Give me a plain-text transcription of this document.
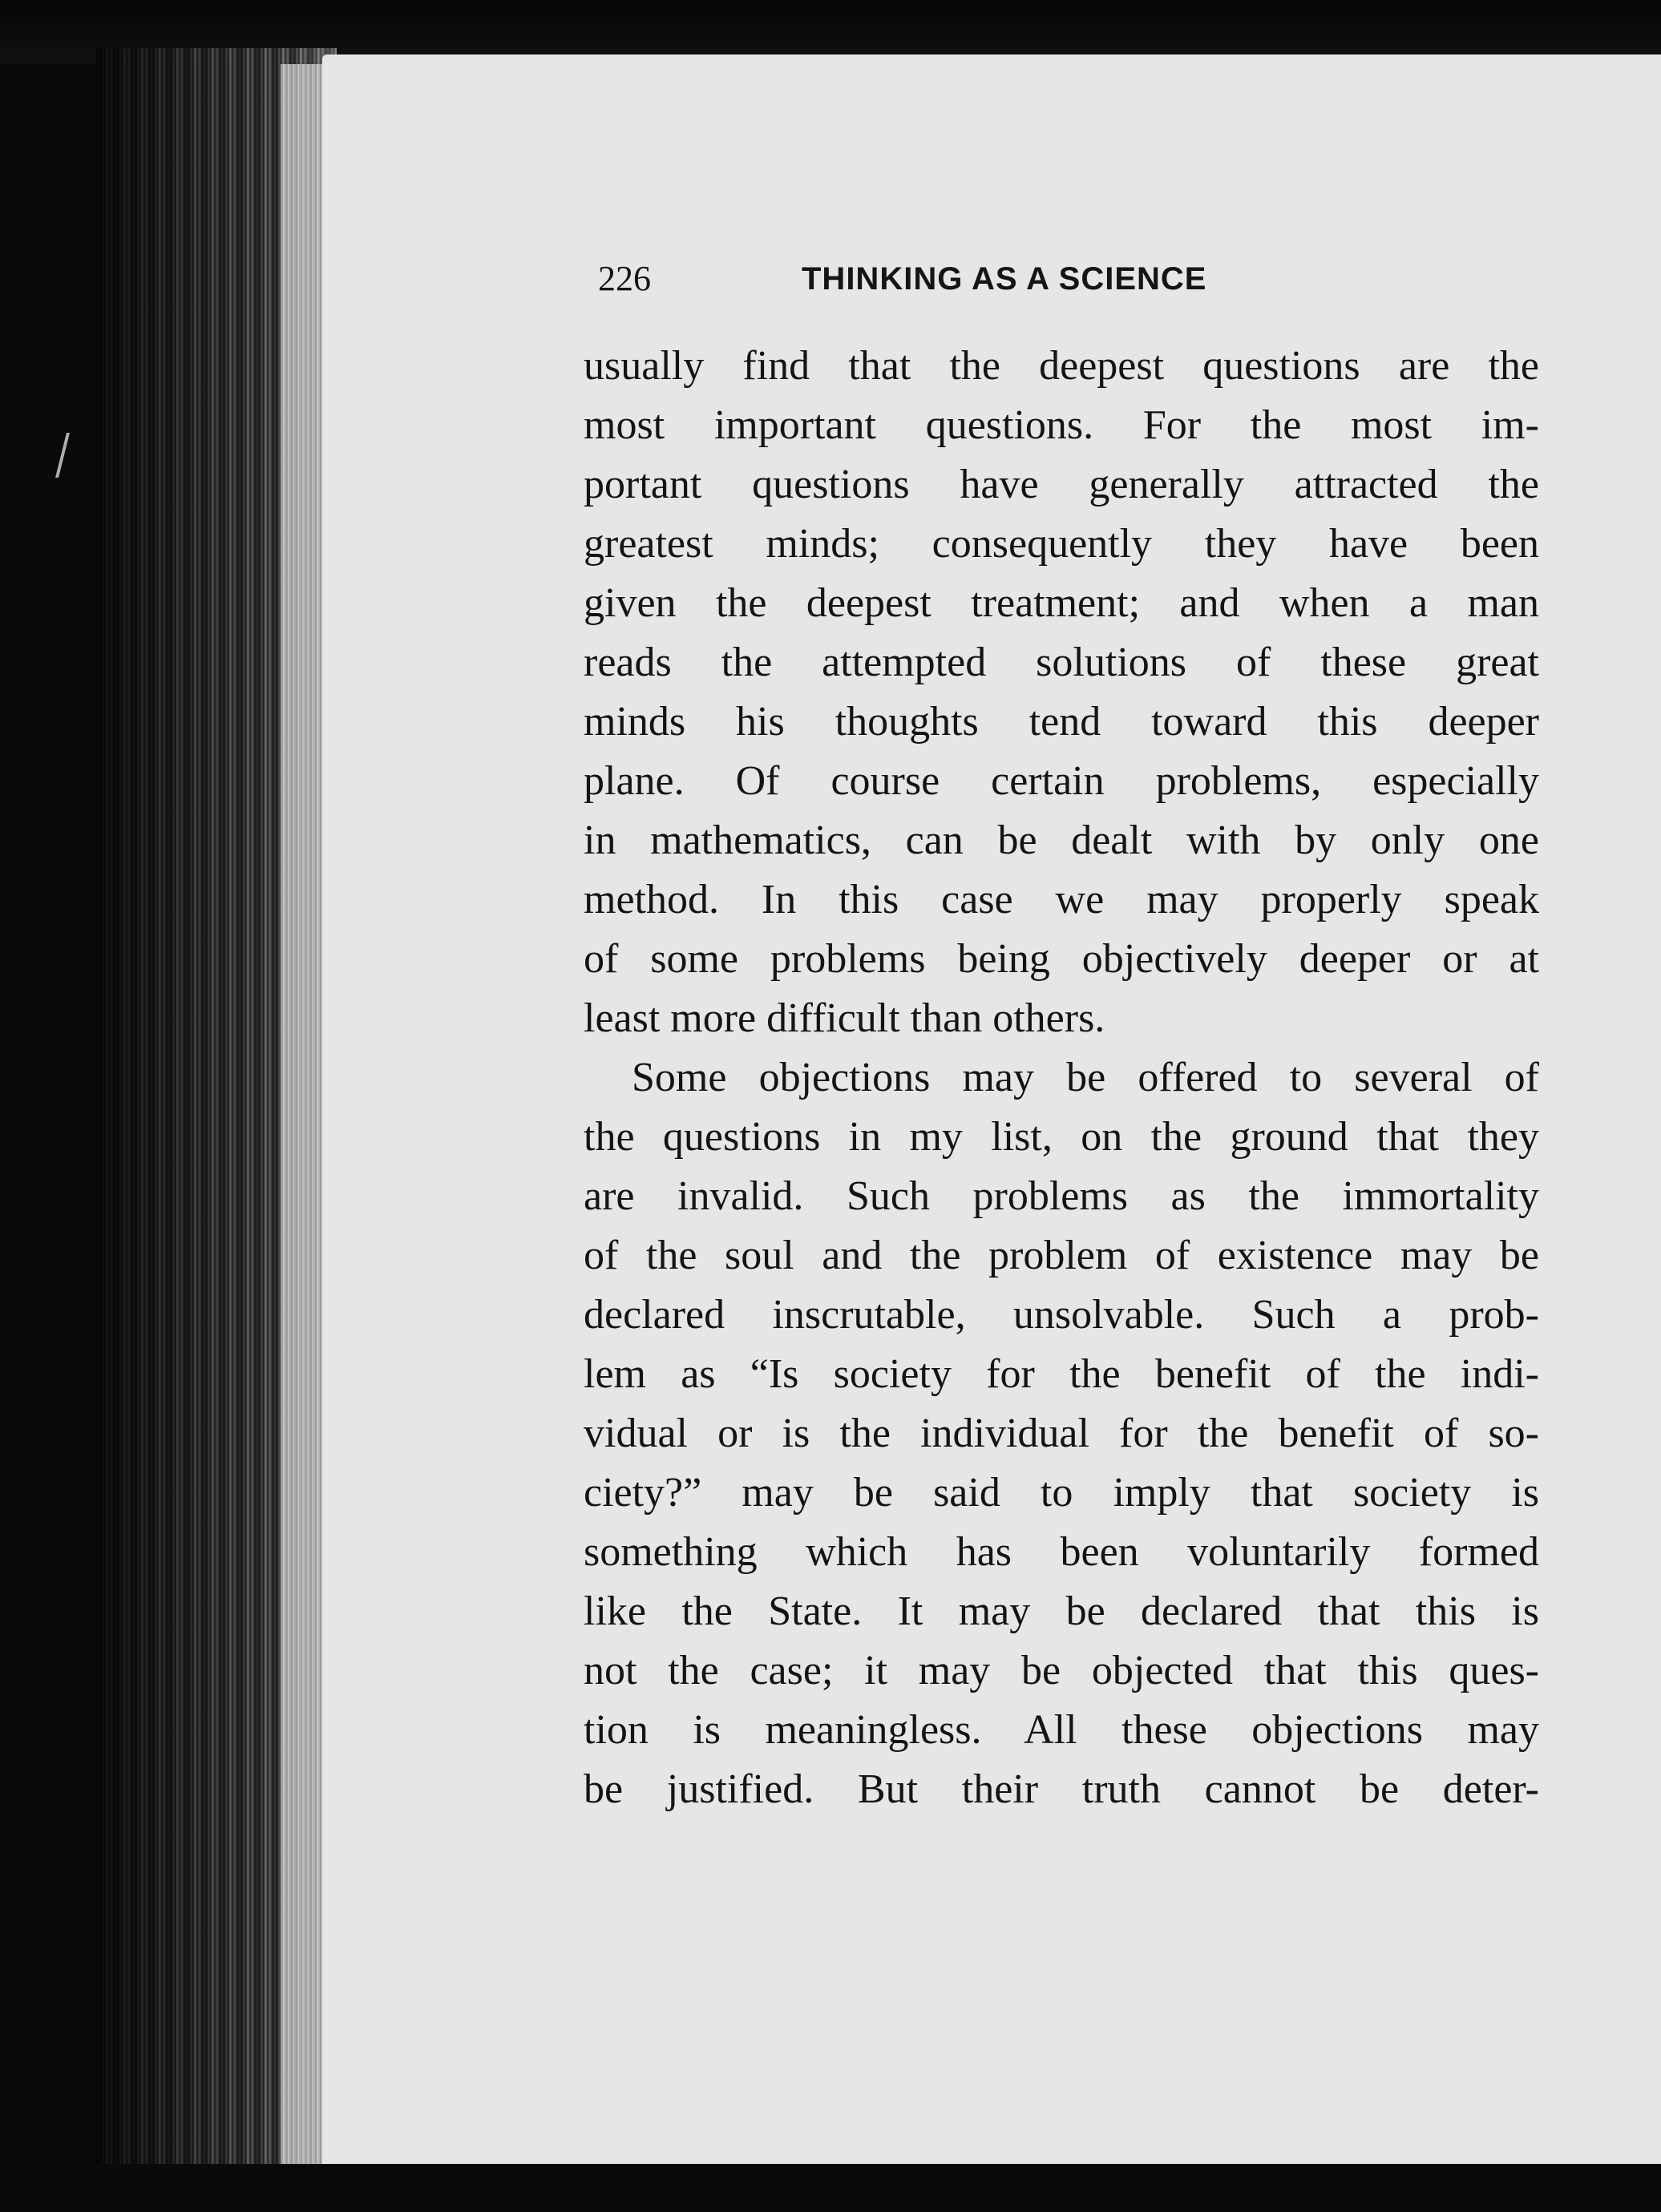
226	THINKING AS A SCIENCE
usually find that the deepest questions are the
most important questions. For the most im-
portant questions have generally attracted the
greatest minds; consequently they have been
given the deepest treatment; and when a man
reads the attempted solutions of these great
minds his thoughts tend toward this deeper
plane. Of course certain problems, especially
in mathematics, can be dealt with by only one
method. In this case we may properly speak
of some problems being objectively deeper or at
least more difficult than others.
Some objections may be offered to several of
the questions in my list, on the ground that they
are invalid. Such problems as the immortality
of the soul and the problem of existence may be
declared inscrutable, unsolvable. Such a prob-
lem as “Is society for the benefit of the indi-
vidual or is the individual for the benefit of so-
ciety?” may be said to imply that society is
something which has been voluntarily formed
like the State. It may be declared that this is
not the case; it may be objected that this ques-
tion is meaningless. All these objections may
be justified. But their truth cannot be deter-
